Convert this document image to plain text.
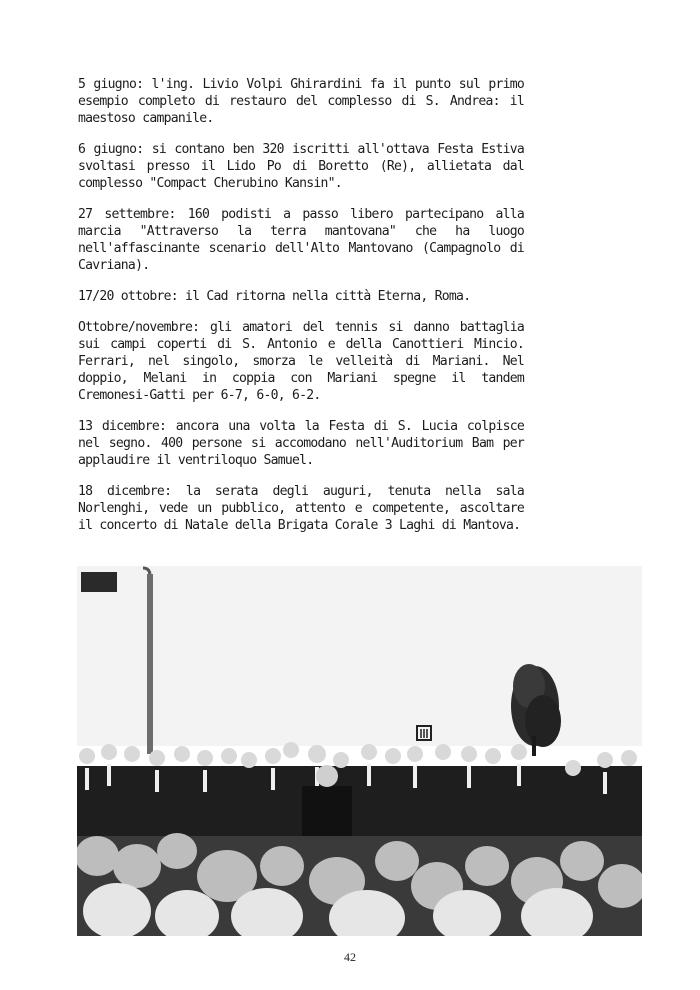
5 giugno: l'ing. Livio Volpi Ghirardini fa il punto sul primo esempio completo di restauro del complesso di S. Andrea: il maestoso campanile.

6 giugno: si contano ben 320 iscritti all'ottava Festa Estiva svoltasi presso il Lido Po di Boretto (Re), allietata dal complesso "Compact Cherubino Kansin".

27 settembre: 160 podisti a passo libero partecipano alla marcia "Attraverso la terra mantovana" che ha luogo nell'affascinante scenario dell'Alto Mantovano (Campagnolo di Cavriana).

17/20 ottobre: il Cad ritorna nella città Eterna, Roma.

Ottobre/novembre: gli amatori del tennis si danno battaglia sui campi coperti di S. Antonio e della Canottieri Mincio. Ferrari, nel singolo, smorza le velleità di Mariani. Nel doppio, Melani in coppia con Mariani spegne il tandem Cremonesi-Gatti per 6-7, 6-0, 6-2.

13 dicembre: ancora una volta la Festa di S. Lucia colpisce nel segno. 400 persone si accomodano nell'Auditorium Bam per applaudire il ventriloquo Samuel.

18 dicembre: la serata degli auguri, tenuta nella sala Norlenghi, vede un pubblico, attento e competente, ascoltare il concerto di Natale della Brigata Corale 3 Laghi di Mantova.

42
